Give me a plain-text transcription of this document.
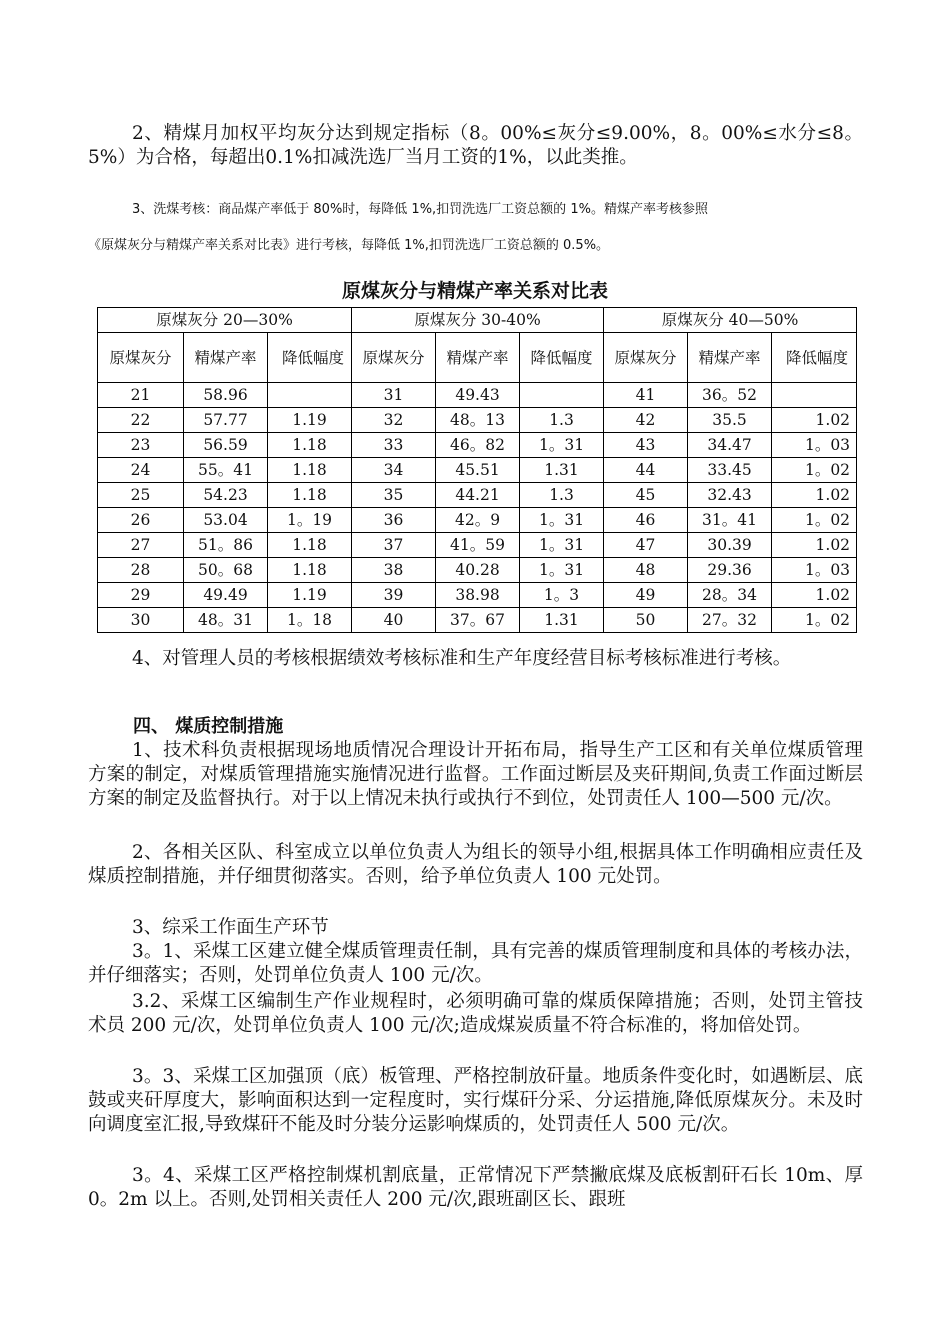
2、精煤月加权平均灰分达到规定指标（8。00%≤灰分≤9.00%，8。00%≤水分≤8。5%）为合格，每超出0.1%扣减洗选厂当月工资的1%，以此类推。

3、洗煤考核：商品煤产率低于 80%时，每降低 1%,扣罚洗选厂工资总额的 1%。精煤产率考核参照

《原煤灰分与精煤产率关系对比表》进行考核，每降低 1%,扣罚洗选厂工资总额的 0.5%。

原煤灰分与精煤产率关系对比表
原煤灰分 20—30%			原煤灰分 30-40%			原煤灰分 40—50%		
原煤灰分	精煤产率	降低幅度	原煤灰分	精煤产率	降低幅度	原煤灰分	精煤产率	降低幅度
21	58.96		31	49.43		41	36。52	
22	57.77	1.19	32	48。13	1.3	42	35.5	1.02
23	56.59	1.18	33	46。82	1。31	43	34.47	1。03
24	55。41	1.18	34	45.51	1.31	44	33.45	1。02
25	54.23	1.18	35	44.21	1.3	45	32.43	1.02
26	53.04	1。19	36	42。9	1。31	46	31。41	1。02
27	51。86	1.18	37	41。59	1。31	47	30.39	1.02
28	50。68	1.18	38	40.28	1。31	48	29.36	1。03
29	49.49	1.19	39	38.98	1。3	49	28。34	1.02
30	48。31	1。18	40	37。67	1.31	50	27。32	1。02

4、对管理人员的考核根据绩效考核标准和生产年度经营目标考核标准进行考核。

四、 煤质控制措施

1、技术科负责根据现场地质情况合理设计开拓布局，指导生产工区和有关单位煤质管理方案的制定，对煤质管理措施实施情况进行监督。工作面过断层及夹矸期间,负责工作面过断层方案的制定及监督执行。对于以上情况未执行或执行不到位，处罚责任人 100—500 元/次。

2、各相关区队、科室成立以单位负责人为组长的领导小组,根据具体工作明确相应责任及煤质控制措施，并仔细贯彻落实。否则，给予单位负责人 100 元处罚。

3、综采工作面生产环节

3。1、采煤工区建立健全煤质管理责任制，具有完善的煤质管理制度和具体的考核办法，并仔细落实；否则，处罚单位负责人 100 元/次。

3.2、采煤工区编制生产作业规程时，必须明确可靠的煤质保障措施；否则，处罚主管技术员 200 元/次，处罚单位负责人 100 元/次;造成煤炭质量不符合标准的，将加倍处罚。

3。3、采煤工区加强顶（底）板管理、严格控制放矸量。地质条件变化时，如遇断层、底鼓或夹矸厚度大，影响面积达到一定程度时，实行煤矸分采、分运措施,降低原煤灰分。未及时向调度室汇报,导致煤矸不能及时分装分运影响煤质的，处罚责任人 500 元/次。

3。4、采煤工区严格控制煤机割底量，正常情况下严禁撇底煤及底板割矸石长 10m、厚 0。2m 以上。否则,处罚相关责任人 200 元/次,跟班副区长、跟班
